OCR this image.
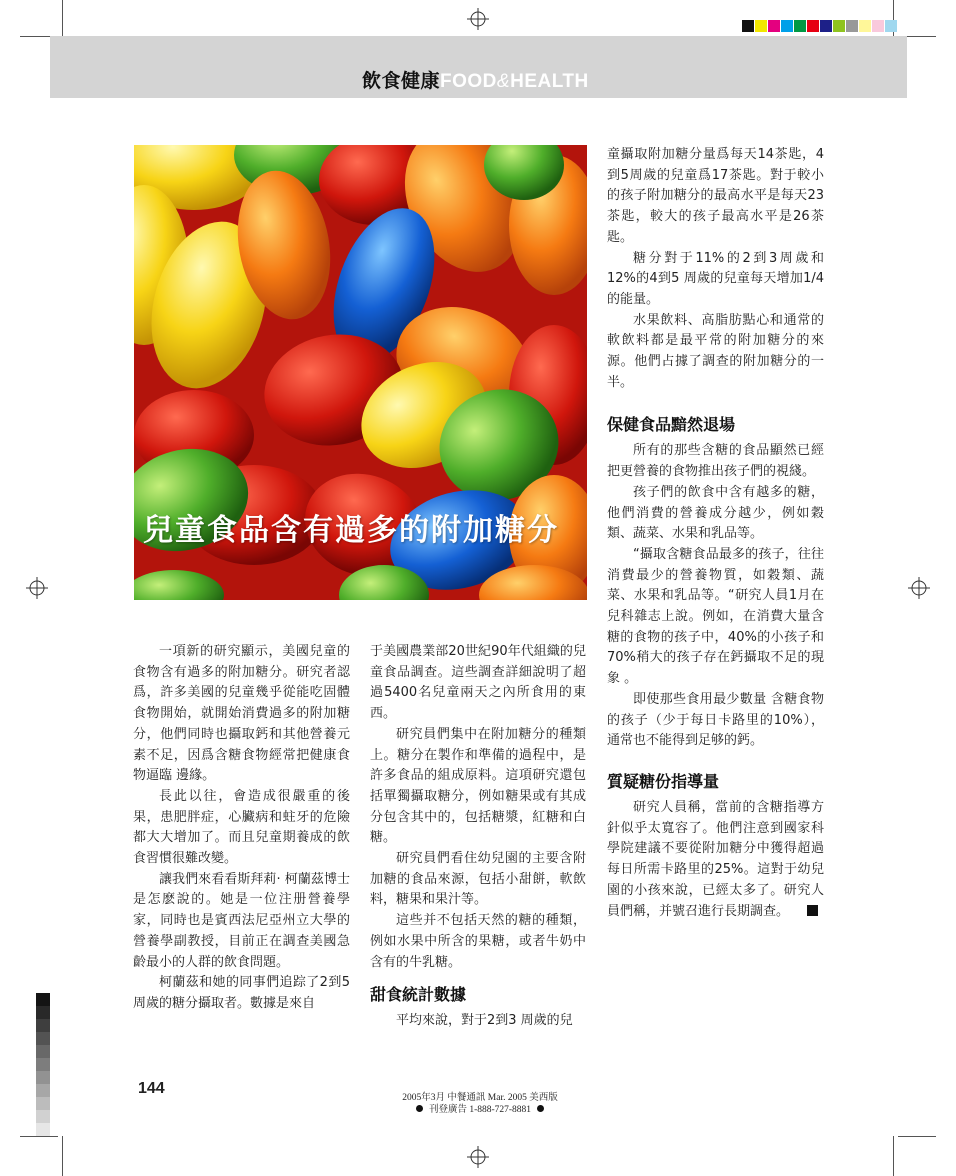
飲食健康FOOD&HEALTH
兒童食品含有過多的附加糖分

一項新的研究顯示，美國兒童的食物含有過多的附加糖分。研究者認爲，許多美國的兒童幾乎從能吃固體食物開始，就開始消費過多的附加糖分，他們同時也攝取鈣和其他營養元素不足，因爲含糖食物經常把健康食物逼臨 邊緣。

長此以往，會造成很嚴重的後果，患肥胖症，心臟病和蛀牙的危險都大大增加了。而且兒童期養成的飲食習慣很難改變。

讓我們來看看斯拜莉· 柯蘭茲博士是怎麽說的。她是一位注册營養學家，同時也是賓西法尼亞州立大學的營養學副教授，目前正在調查美國急齡最小的人群的飲食問題。

柯蘭茲和她的同事們追踪了2到5 周歲的糖分攝取者。數據是來自

于美國農業部20世紀90年代組織的兒童食品調查。這些調查詳細說明了超過5400名兒童兩天之內所食用的東西。

研究員們集中在附加糖分的種類上。糖分在製作和準備的過程中，是許多食品的組成原料。這項研究還包括單獨攝取糖分，例如糖果或有其成分包含其中的，包括糖漿，紅糖和白糖。

研究員們看住幼兒園的主要含附加糖的食品來源，包括小甜餅，軟飲料，糖果和果汁等。

這些并不包括天然的糖的種類，例如水果中所含的果糖，或者牛奶中含有的牛乳糖。

甜食統計數據

平均來說，對于2到3 周歲的兒

童攝取附加糖分量爲每天14茶匙，4到5周歲的兒童爲17茶匙。對于較小的孩子附加糖分的最高水平是每天23茶匙，較大的孩子最高水平是26茶匙。

糖分對于11%的2到3周歲和12%的4到5 周歲的兒童每天增加1/4的能量。

水果飲料、高脂肪點心和通常的軟飲料都是最平常的附加糖分的來源。他們占據了調查的附加糖分的一半。

保健食品黯然退場

所有的那些含糖的食品顯然已經把更營養的食物推出孩子們的視綫。

孩子們的飲食中含有越多的糖，他們消費的營養成分越少，例如穀類、蔬菜、水果和乳品等。

“攝取含糖食品最多的孩子，往往消費最少的營養物質，如穀類、蔬菜、水果和乳品等。“研究人員1月在兒科雜志上說。例如，在消費大量含糖的食物的孩子中，40%的小孩子和70%稍大的孩子存在鈣攝取不足的現象 。

即使那些食用最少數量 含糖食物的孩子（少于每日卡路里的10%），通常也不能得到足够的鈣。

質疑糖份指導量

研究人員稱，當前的含糖指導方針似乎太寬容了。他們注意到國家科學院建議不要從附加糖分中獲得超過每日所需卡路里的25%。這對于幼兒園的小孩來說，已經太多了。研究人員們稱，并號召進行長期調查。

144
2005年3月 中餐通訊 Mar. 2005 美西版
刊登廣告 1-888-727-8881
